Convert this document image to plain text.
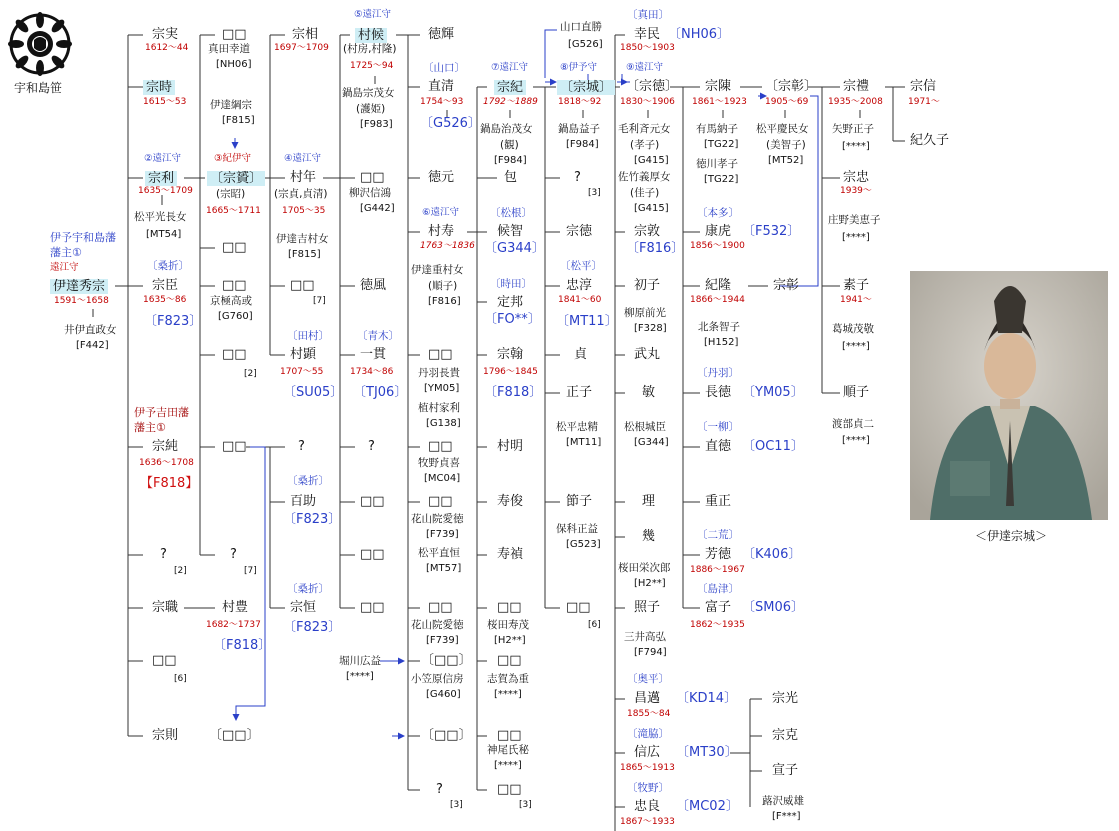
宇和島笹
＜伊達宗城＞
伊予宇和島藩
藩主①
遠江守
伊達秀宗
1591～1658
井伊直政女
[F442]
宗実
1612～44
宗時
1615～53
②遠江守
宗利
1635～1709
松平光長女
[MT54]
〔桑折〕
宗臣
1635～86
〔F823〕
伊予吉田藩
藩主①
宗純
1636～1708
【F818】
?
[2]
宗職
□□
[6]
宗則
□□
真田幸道
[NH06]
伊達綱宗
[F815]
③紀伊守
〔宗贇〕
(宗昭)
1665～1711
□□
□□
京極高或
[G760]
□□
[2]
□□
?
[7]
村豊
1682～1737
〔F818〕
〔□□〕
宗相
1697～1709
④遠江守
村年
(宗貞,貞清)
1705～35
伊達吉村女
[F815]
□□
[7]
〔田村〕
村顕
1707～55
〔SU05〕
?
〔桑折〕
百助
〔F823〕
〔桑折〕
宗恒
〔F823〕
⑤遠江守
村候
(村房,村隆)
1725～94
鍋島宗茂女
(護姫)
[F983]
□□
柳沢信鴻
[G442]
徳風
〔青木〕
一貫
1734～86
〔TJ06〕
?
□□
□□
□□
堀川広益
[****]
徳輝
〔山口〕
直清
1754～93
〔G526〕
徳元
⑥遠江守
村寿
1763～1836
伊達重村女
(順子)
[F816]
□□
丹羽長貴
[YM05]
植村家利
[G138]
□□
牧野貞喜
[MC04]
□□
花山院愛徳
[F739]
松平直恒
[MT57]
□□
花山院愛徳
[F739]
〔□□〕
小笠原信房
[G460]
〔□□〕
?
[3]
⑦遠江守
宗紀
1792～1889
鍋島治茂女
(観)
[F984]
包
〔松根〕
候智
〔G344〕
〔時田〕
定邦
〔FO**〕
宗翰
1796～1845
〔F818〕
村明
寿俊
寿禎
□□
桜田寿茂
[H2**]
□□
志賀為重
[****]
□□
神尾氏秘
[****]
□□
[3]
山口直勝
[G526]
⑧伊予守
〔宗城〕
1818～92
鍋島益子
[F984]
?
[3]
宗徳
〔松平〕
忠淳
1841～60
〔MT11〕
貞
正子
松平忠精
[MT11]
節子
保科正益
[G523]
□□
[6]
〔真田〕
幸民
1850～1903
〔NH06〕
⑨遠江守
〔宗徳〕
1830～1906
毛利斉元女
(孝子)
[G415]
佐竹義厚女
(佳子)
[G415]
宗敦
〔F816〕
初子
柳原前光
[F328]
武丸
敏
松根城臣
[G344]
理
幾
桜田栄次郎
[H2**]
照子
三井高弘
[F794]
〔奥平〕
昌邁
1855～84
〔KD14〕
〔滝脇〕
信広
1865～1913
〔MT30〕
〔牧野〕
忠良
1867～1933
〔MC02〕
宗陳
1861～1923
有馬納子
[TG22]
徳川孝子
[TG22]
〔本多〕
康虎
1856～1900
〔F532〕
紀隆
1866～1944
北条智子
[H152]
〔丹羽〕
長徳 〔YM05〕
〔一柳〕
直徳 〔OC11〕
重正
〔二荒〕
芳徳
1886～1967
〔K406〕
〔島津〕
富子
1862～1935
〔SM06〕
〔宗彰〕
1905～69
松平慶民女
(美智子)
[MT52]
宗彰
宗光
宗克
宣子
蕗沢威雄
[F***]
宗禮
1935～2008
矢野正子
[****]
宗忠
1939～
庄野美恵子
[****]
素子
1941～
葛城茂敬
[****]
順子
渡部貞二
[****]
宗信
1971～
紀久子
